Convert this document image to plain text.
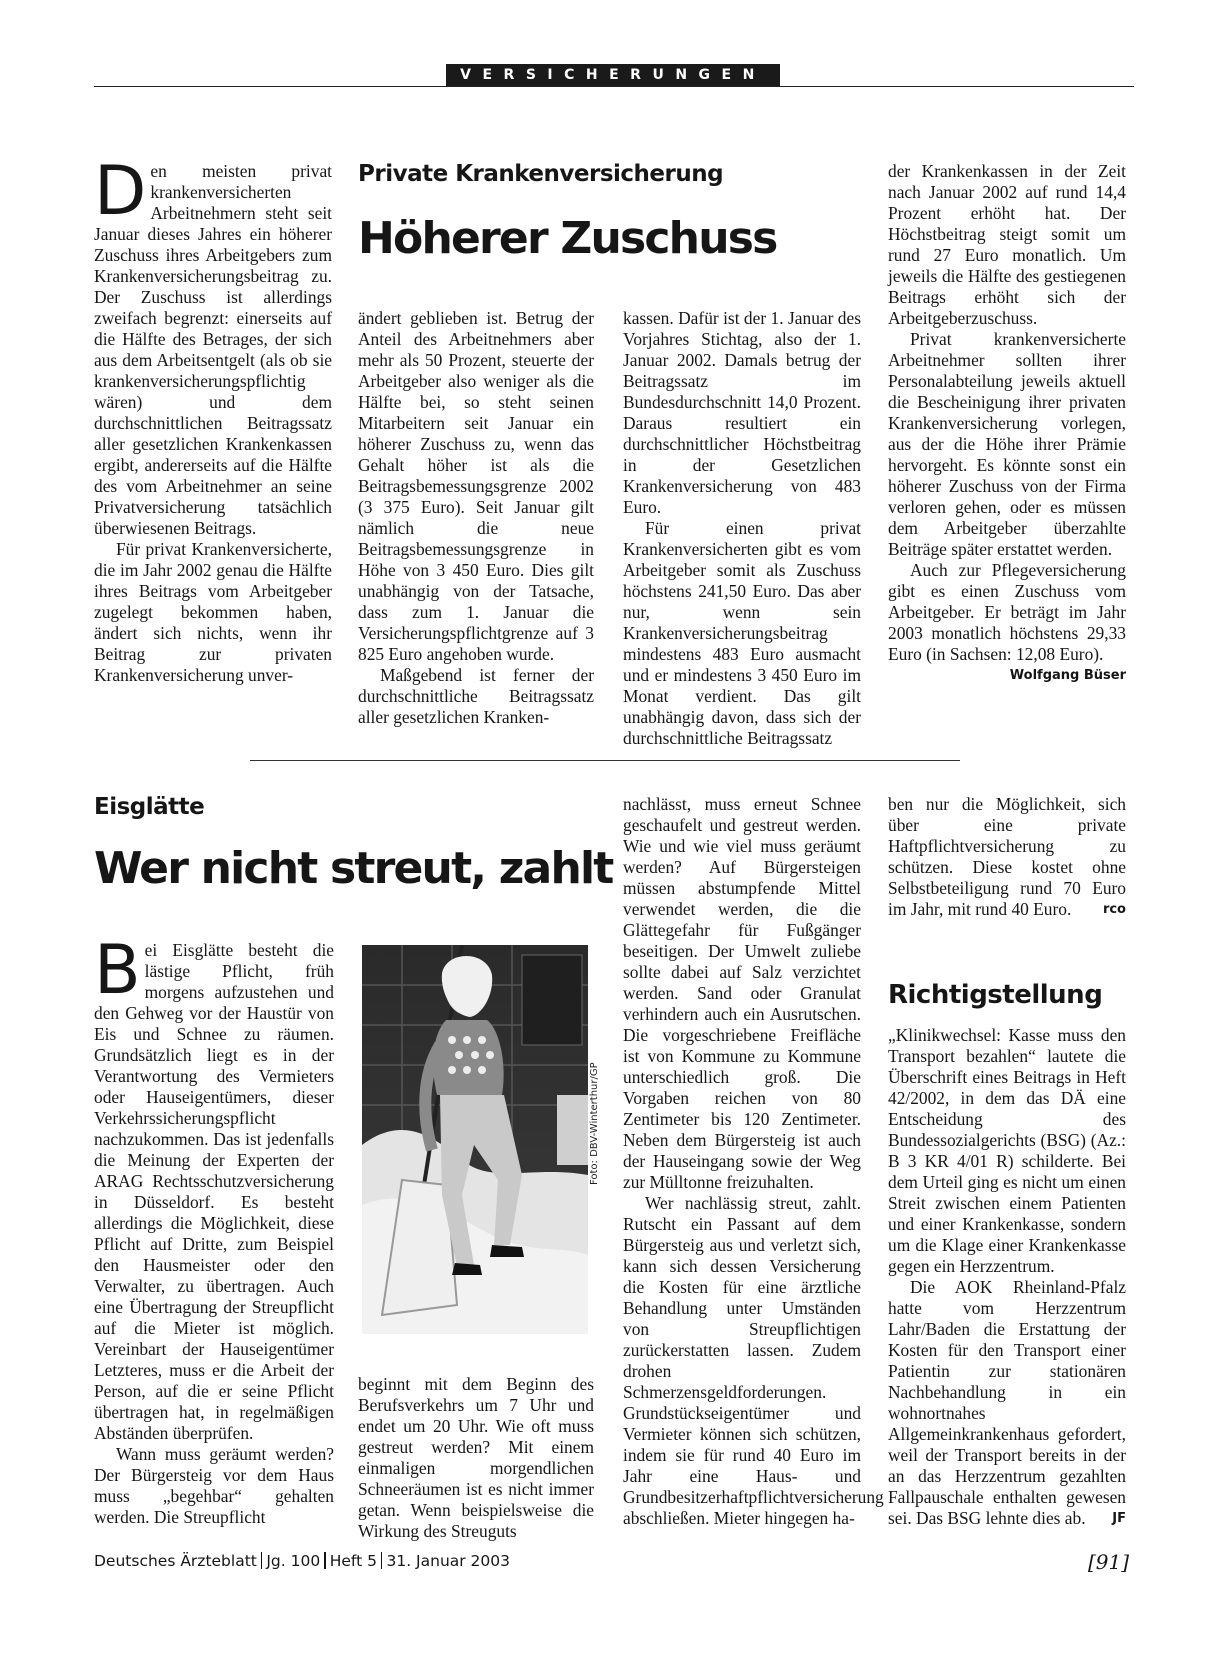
VERSICHERUNGEN

Den meisten privat krankenversicherten Arbeitnehmern steht seit Januar dieses Jahres ein höherer Zuschuss ihres Arbeitgebers zum Krankenversicherungsbeitrag zu. Der Zuschuss ist allerdings zweifach begrenzt: einerseits auf die Hälfte des Betrages, der sich aus dem Arbeitsentgelt (als ob sie krankenversicherungspflichtig wären) und dem durchschnittlichen Beitragssatz aller gesetzlichen Krankenkassen ergibt, andererseits auf die Hälfte des vom Arbeitnehmer an seine Privatversicherung tatsächlich überwiesenen Beitrags.

Für privat Krankenversicherte, die im Jahr 2002 genau die Hälfte ihres Beitrags vom Arbeitgeber zugelegt bekommen haben, ändert sich nichts, wenn ihr Beitrag zur privaten Krankenversicherung unver-

Private Krankenversicherung
Höherer Zuschuss

ändert geblieben ist. Betrug der Anteil des Arbeitnehmers aber mehr als 50 Prozent, steuerte der Arbeitgeber also weniger als die Hälfte bei, so steht seinen Mitarbeitern seit Januar ein höherer Zuschuss zu, wenn das Gehalt höher ist als die Beitragsbemessungsgrenze 2002 (3 375 Euro). Seit Januar gilt nämlich die neue Beitragsbemessungsgrenze in Höhe von 3 450 Euro. Dies gilt unabhängig von der Tatsache, dass zum 1. Januar die Versicherungspflichtgrenze auf 3 825 Euro angehoben wurde.

Maßgebend ist ferner der durchschnittliche Beitragssatz aller gesetzlichen Kranken-

kassen. Dafür ist der 1. Januar des Vorjahres Stichtag, also der 1. Januar 2002. Damals betrug der Beitragssatz im Bundesdurchschnitt 14,0 Prozent. Daraus resultiert ein durchschnittlicher Höchstbeitrag in der Gesetzlichen Krankenversicherung von 483 Euro.

Für einen privat Krankenversicherten gibt es vom Arbeitgeber somit als Zuschuss höchstens 241,50 Euro. Das aber nur, wenn sein Krankenversicherungsbeitrag mindestens 483 Euro ausmacht und er mindestens 3 450 Euro im Monat verdient. Das gilt unabhängig davon, dass sich der durchschnittliche Beitragssatz

der Krankenkassen in der Zeit nach Januar 2002 auf rund 14,4 Prozent erhöht hat. Der Höchstbeitrag steigt somit um rund 27 Euro monatlich. Um jeweils die Hälfte des gestiegenen Beitrags erhöht sich der Arbeitgeberzuschuss.

Privat krankenversicherte Arbeitnehmer sollten ihrer Personalabteilung jeweils aktuell die Bescheinigung ihrer privaten Krankenversicherung vorlegen, aus der die Höhe ihrer Prämie hervorgeht. Es könnte sonst ein höherer Zuschuss von der Firma verloren gehen, oder es müssen dem Arbeitgeber überzahlte Beiträge später erstattet werden.

Auch zur Pflegeversicherung gibt es einen Zuschuss vom Arbeitgeber. Er beträgt im Jahr 2003 monatlich höchstens 29,33 Euro (in Sachsen: 12,08 Euro).
Wolfgang Büser

Eisglätte
Wer nicht streut, zahlt

Bei Eisglätte besteht die lästige Pflicht, früh morgens aufzustehen und den Gehweg vor der Haustür von Eis und Schnee zu räumen. Grundsätzlich liegt es in der Verantwortung des Vermieters oder Hauseigentümers, dieser Verkehrssicherungspflicht nachzukommen. Das ist jedenfalls die Meinung der Experten der ARAG Rechtsschutzversicherung in Düsseldorf. Es besteht allerdings die Möglichkeit, diese Pflicht auf Dritte, zum Beispiel den Hausmeister oder den Verwalter, zu übertragen. Auch eine Übertragung der Streupflicht auf die Mieter ist möglich. Vereinbart der Hauseigentümer Letzteres, muss er die Arbeit der Person, auf die er seine Pflicht übertragen hat, in regelmäßigen Abständen überprüfen.

Wann muss geräumt werden? Der Bürgersteig vor dem Haus muss „begehbar“ gehalten werden. Die Streupflicht

Foto: DBV-Winterthur/GP

beginnt mit dem Beginn des Berufsverkehrs um 7 Uhr und endet um 20 Uhr. Wie oft muss gestreut werden? Mit einem einmaligen morgendlichen Schneeräumen ist es nicht immer getan. Wenn beispielsweise die Wirkung des Streuguts

nachlässt, muss erneut Schnee geschaufelt und gestreut werden. Wie und wie viel muss geräumt werden? Auf Bürgersteigen müssen abstumpfende Mittel verwendet werden, die die Glättegefahr für Fußgänger beseitigen. Der Umwelt zuliebe sollte dabei auf Salz verzichtet werden. Sand oder Granulat verhindern auch ein Ausrutschen. Die vorgeschriebene Freifläche ist von Kommune zu Kommune unterschiedlich groß. Die Vorgaben reichen von 80 Zentimeter bis 120 Zentimeter. Neben dem Bürgersteig ist auch der Hauseingang sowie der Weg zur Mülltonne freizuhalten.

Wer nachlässig streut, zahlt. Rutscht ein Passant auf dem Bürgersteig aus und verletzt sich, kann sich dessen Versicherung die Kosten für eine ärztliche Behandlung unter Umständen von Streupflichtigen zurückerstatten lassen. Zudem drohen Schmerzensgeldforderungen. Grundstückseigentümer und Vermieter können sich schützen, indem sie für rund 40 Euro im Jahr eine Haus- und Grundbesitzerhaftpflichtversicherung abschließen. Mieter hingegen ha-

ben nur die Möglichkeit, sich über eine private Haftpflichtversicherung zu schützen. Diese kostet ohne Selbstbeteiligung rund 70 Euro im Jahr, mit rund 40 Euro. rco

Richtigstellung

„Klinikwechsel: Kasse muss den Transport bezahlen“ lautete die Überschrift eines Beitrags in Heft 42/2002, in dem das DÄ eine Entscheidung des Bundessozialgerichts (BSG) (Az.: B 3 KR 4/01 R) schilderte. Bei dem Urteil ging es nicht um einen Streit zwischen einem Patienten und einer Krankenkasse, sondern um die Klage einer Krankenkasse gegen ein Herzzentrum.

Die AOK Rheinland-Pfalz hatte vom Herzzentrum Lahr/Baden die Erstattung der Kosten für den Transport einer Patientin zur stationären Nachbehandlung in ein wohnortnahes Allgemeinkrankenhaus gefordert, weil der Transport bereits in der an das Herzzentrum gezahlten Fallpauschale enthalten gewesen sei. Das BSG lehnte dies ab.	JF

Deutsches Ärzteblatt Jg. 100 Heft 5 31. Januar 2003	[91]
